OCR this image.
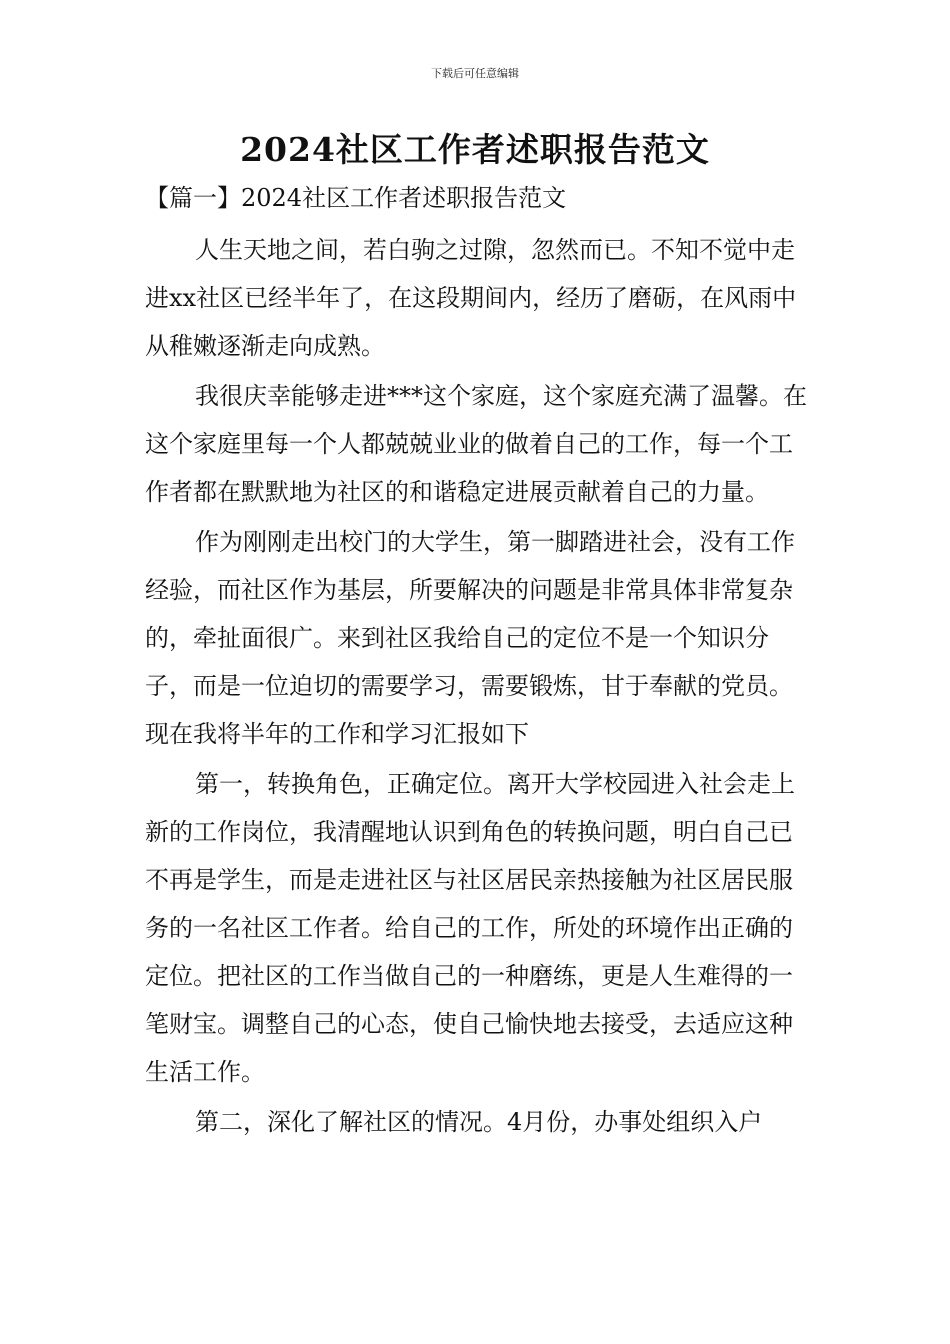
下载后可任意编辑
2024社区工作者述职报告范文
【篇一】2024社区工作者述职报告范文

人生天地之间，若白驹之过隙，忽然而已。不知不觉中走进xx社区已经半年了，在这段期间内，经历了磨砺，在风雨中从稚嫩逐渐走向成熟。

我很庆幸能够走进***这个家庭，这个家庭充满了温馨。在这个家庭里每一个人都兢兢业业的做着自己的工作，每一个工作者都在默默地为社区的和谐稳定进展贡献着自己的力量。

作为刚刚走出校门的大学生，第一脚踏进社会，没有工作经验，而社区作为基层，所要解决的问题是非常具体非常复杂的，牵扯面很广。来到社区我给自己的定位不是一个知识分子，而是一位迫切的需要学习，需要锻炼，甘于奉献的党员。现在我将半年的工作和学习汇报如下

第一，转换角色，正确定位。离开大学校园进入社会走上新的工作岗位，我清醒地认识到角色的转换问题，明白自己已不再是学生，而是走进社区与社区居民亲热接触为社区居民服务的一名社区工作者。给自己的工作，所处的环境作出正确的定位。把社区的工作当做自己的一种磨练，更是人生难得的一笔财宝。调整自己的心态，使自己愉快地去接受，去适应这种生活工作。

第二，深化了解社区的情况。4月份，办事处组织入户
